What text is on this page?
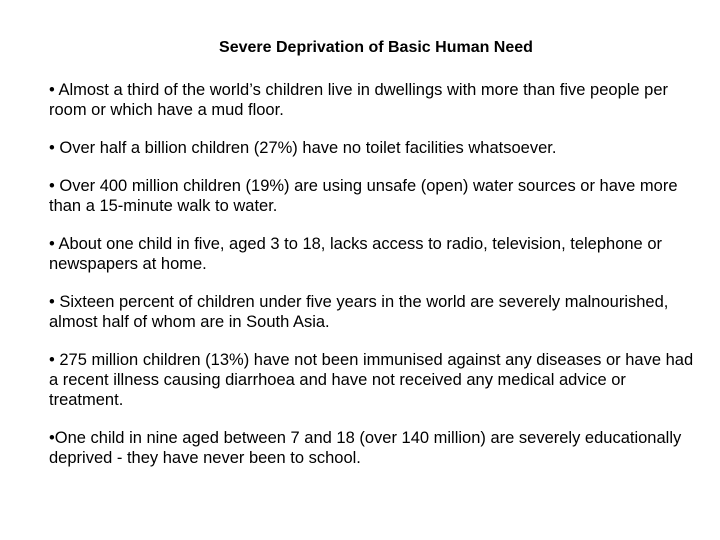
Severe Deprivation of Basic Human Need
• Almost a third of the world’s children live in dwellings with more than five people per room or which have a mud floor.
• Over half a billion children (27%) have no toilet facilities whatsoever.
• Over 400 million children (19%) are using unsafe (open) water sources or have more than a 15-minute walk to water.
• About one child in five, aged 3 to 18, lacks access to radio, television, telephone or newspapers at home.
• Sixteen percent of children under five years in the world are severely malnourished, almost half of whom are in South Asia.
• 275 million children (13%) have not been immunised against any diseases or have had a recent illness causing diarrhoea and have not received any medical advice or treatment.
•One child in nine aged between 7 and 18 (over 140 million) are severely educationally deprived - they have never been to school.
